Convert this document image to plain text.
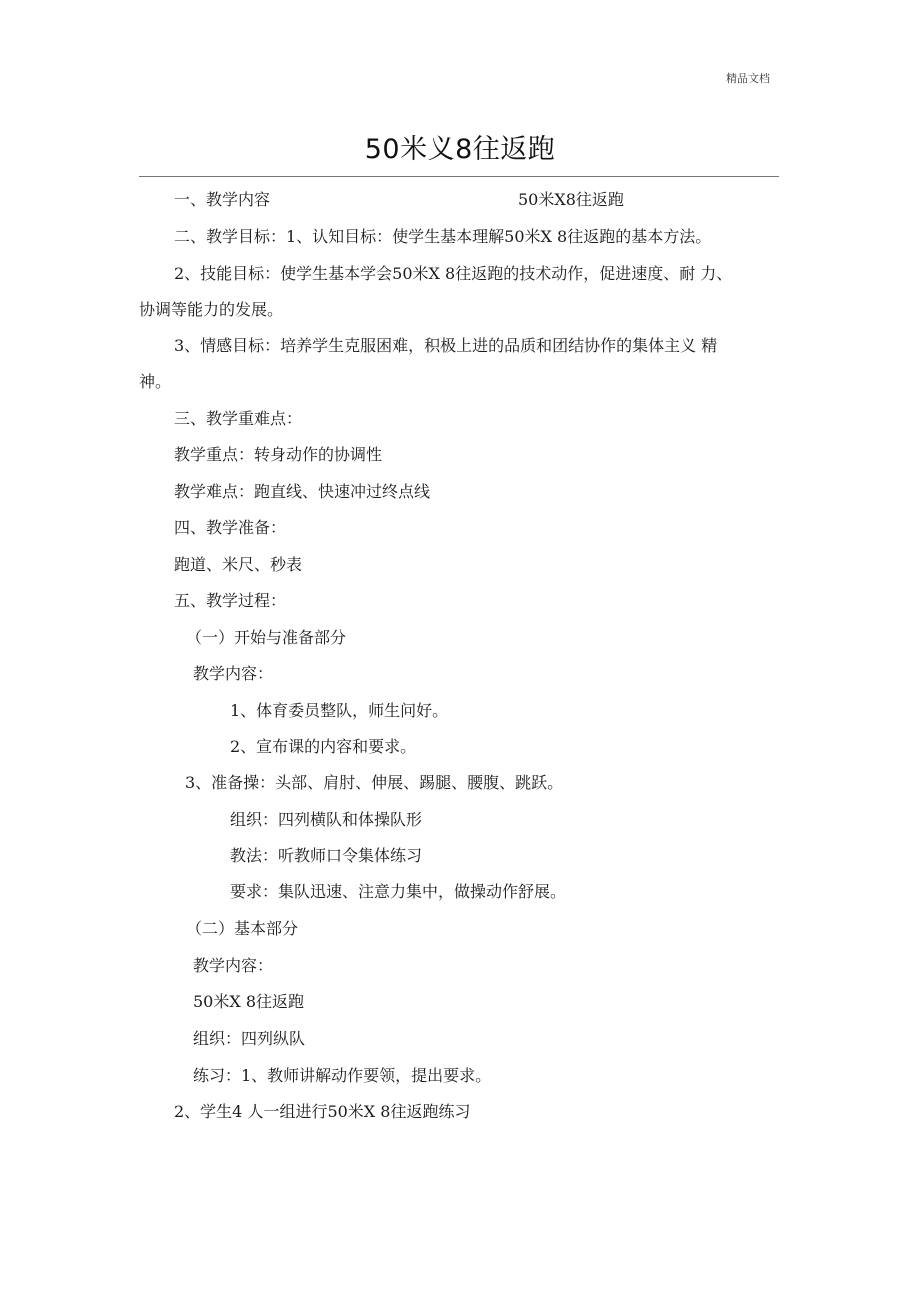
精品文档
50米义8往返跑
一、教学内容	50米X8往返跑
二、教学目标：1、认知目标：使学生基本理解50米X 8往返跑的基本方法。
2、技能目标：使学生基本学会50米X 8往返跑的技术动作，促进速度、耐 力、
协调等能力的发展。
3、情感目标：培养学生克服困难，积极上进的品质和团结协作的集体主义 精
神。
三、教学重难点：
教学重点：转身动作的协调性
教学难点：跑直线、快速冲过终点线
四、教学准备：
跑道、米尺、秒表
五、教学过程：
（一）开始与准备部分
教学内容：
1、体育委员整队，师生问好。
2、宣布课的内容和要求。
3、准备操：头部、肩肘、伸展、踢腿、腰腹、跳跃。
组织：四列横队和体操队形
教法：听教师口令集体练习
要求：集队迅速、注意力集中，做操动作舒展。
（二）基本部分
教学内容：
50米X 8往返跑
组织：四列纵队
练习：1、教师讲解动作要领，提出要求。
2、学生4 人一组进行50米X 8往返跑练习
